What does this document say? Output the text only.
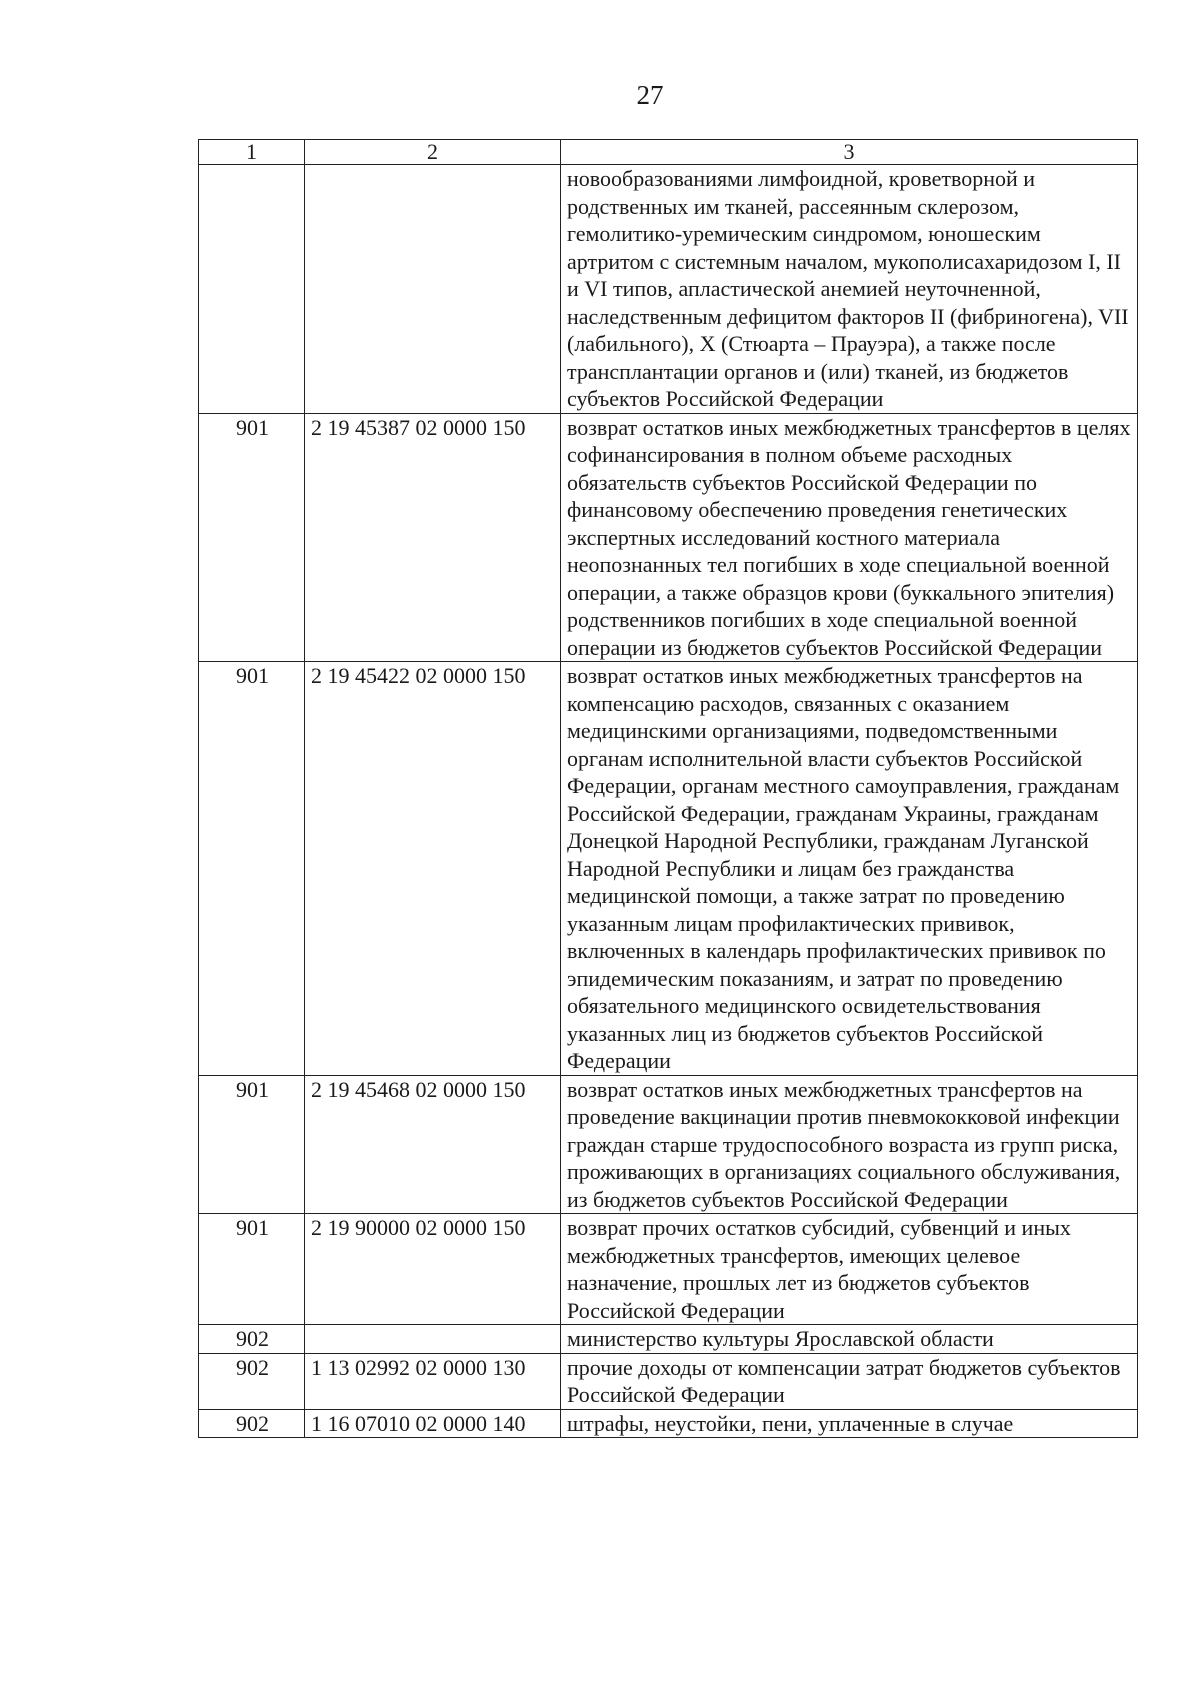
27
1	2	3
		новообразованиями лимфоидной, кроветворной и родственных им тканей, рассеянным склерозом, гемолитико-уремическим синдромом, юношеским артритом с системным началом, мукополисахаридозом I, II и VI типов, апластической анемией неуточненной, наследственным дефицитом факторов II (фибриногена), VII (лабильного), X (Стюарта – Прауэра), а также после трансплантации органов и (или) тканей, из бюджетов субъектов Российской Федерации
901	2 19 45387 02 0000 150	возврат остатков иных межбюджетных трансфертов в целях софинансирования в полном объеме расходных обязательств субъектов Российской Федерации по финансовому обеспечению проведения генетических экспертных исследований костного материала неопознанных тел погибших в ходе специальной военной операции, а также образцов крови (буккального эпителия) родственников погибших в ходе специальной военной операции из бюджетов субъектов Российской Федерации
901	2 19 45422 02 0000 150	возврат остатков иных межбюджетных трансфертов на компенсацию расходов, связанных с оказанием медицинскими организациями, подведомственными органам исполнительной власти субъектов Российской Федерации, органам местного самоуправления, гражданам Российской Федерации, гражданам Украины, гражданам Донецкой Народной Республики, гражданам Луганской Народной Республики и лицам без гражданства медицинской помощи, а также затрат по проведению указанным лицам профилактических прививок, включенных в календарь профилактических прививок по эпидемическим показаниям, и затрат по проведению обязательного медицинского освидетельствования указанных лиц из бюджетов субъектов Российской Федерации
901	2 19 45468 02 0000 150	возврат остатков иных межбюджетных трансфертов на проведение вакцинации против пневмококковой инфекции граждан старше трудоспособного возраста из групп риска, проживающих в организациях социального обслуживания, из бюджетов субъектов Российской Федерации
901	2 19 90000 02 0000 150	возврат прочих остатков субсидий, субвенций и иных межбюджетных трансфертов, имеющих целевое назначение, прошлых лет из бюджетов субъектов Российской Федерации
902		министерство культуры Ярославской области
902	1 13 02992 02 0000 130	прочие доходы от компенсации затрат бюджетов субъектов Российской Федерации
902	1 16 07010 02 0000 140	штрафы, неустойки, пени, уплаченные в случае
